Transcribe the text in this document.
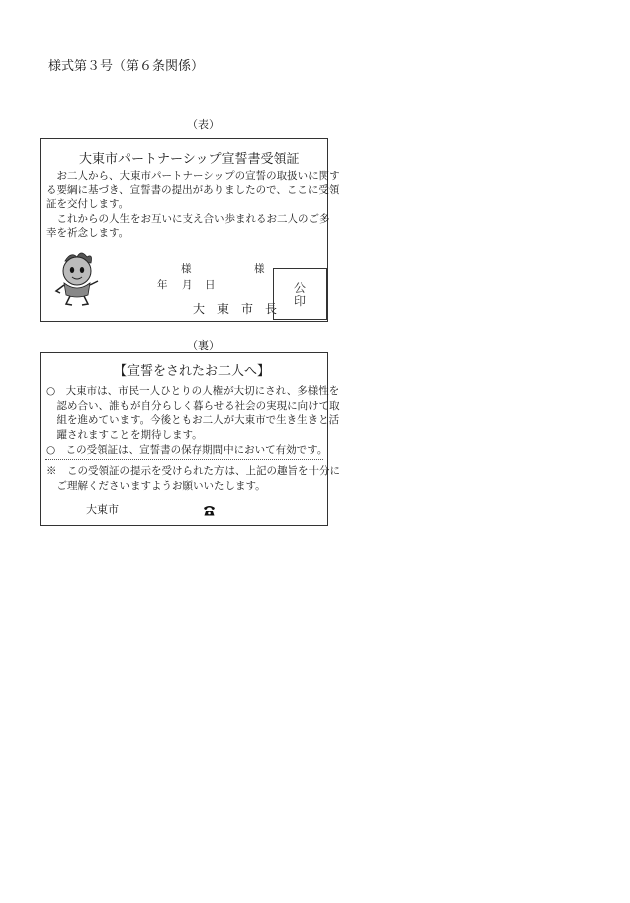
様式第３号（第６条関係）
（表）
大東市パートナーシップ宣誓書受領証
　お二人から、大東市パートナーシップの宣誓の取扱いに関す
る要綱に基づき、宣誓書の提出がありましたので、ここに受領
証を交付します。
　これからの人生をお互いに支え合い歩まれるお二人のご多
幸を祈念します。
様	様
年 月 日
大　東　市　長
公
印
（裏）
【宣誓をされたお二人へ】
○　大東市は、市民一人ひとりの人権が大切にされ、多様性を
　認め合い、誰もが自分らしく暮らせる社会の実現に向けて取
　組を進めています。今後ともお二人が大東市で生き生きと活
　躍されますことを期待します。
○　この受領証は、宣誓書の保存期間中において有効です。
※　この受領証の提示を受けられた方は、上記の趣旨を十分に
　ご理解くださいますようお願いいたします。
大東市
